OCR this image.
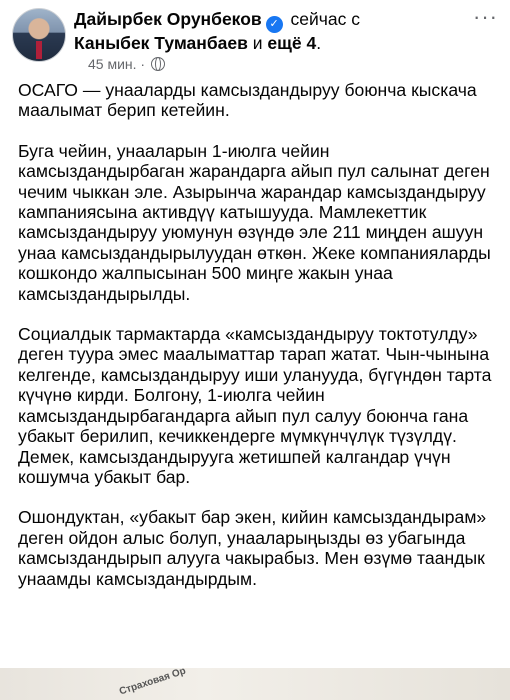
Дайырбек Орунбеков ✓ сейчас с
Каныбек Туманбаев и ещё 4.
45 мин. ·
···

ОСАГО — унааларды камсыздандыруу боюнча кыскача маалымат берип кетейин.

Буга чейин, унааларын 1-июлга чейин камсыздандырбаган жарандарга айып пул салынат деген чечим чыккан эле. Азырынча жарандар камсыздандыруу кампаниясына активдүү катышууда. Мамлекеттик камсыздандыруу уюмунун өзүндө эле 211 миңден ашуун унаа камсыздандырылуудан өткөн. Жеке компанияларды кошкондо жалпысынан 500 миңге жакын унаа камсыздандырылды.

Социалдык тармактарда «камсыздандыруу токтотулду» деген туура эмес маалыматтар тарап жатат. Чын-чынына келгенде, камсыздандыруу иши уланууда, бүгүндөн тарта күчүнө кирди. Болгону, 1-июлга чейин камсыздандырбагандарга айып пул салуу боюнча гана убакыт берилип, кечиккендерге мүмкүнчүлүк түзүлдү. Демек, камсыздандырууга жетишпей калгандар үчүн кошумча убакыт бар.

Ошондуктан, «убакыт бар экен, кийин камсыздандырам» деген ойдон алыс болуп, унааларыңызды өз убагында камсыздандырып алууга чакырабыз. Мен өзүмө таандык унаамды камсыздандырдым.

Страховая Ор
